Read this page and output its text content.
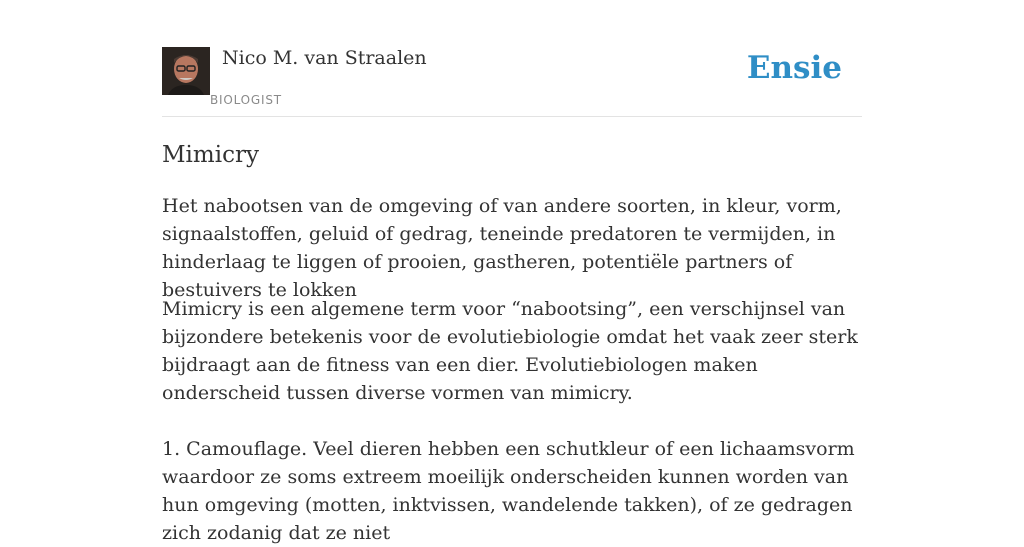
Nico M. van Straalen
BIOLOGIST
Ensie
Mimicry
Het nabootsen van de omgeving of van andere soorten, in kleur, vorm, signaalstoffen, geluid of gedrag, teneinde predatoren te vermijden, in hinderlaag te liggen of prooien, gastheren, potentiële partners of bestuivers te lokken

Mimicry is een algemene term voor “nabootsing”, een verschijnsel van bijzondere betekenis voor de evolutiebiologie omdat het vaak zeer sterk bijdraagt aan de fitness van een dier. Evolutiebiologen maken onderscheid tussen diverse vormen van mimicry.

1. Camouflage. Veel dieren hebben een schutkleur of een lichaamsvorm waardoor ze soms extreem moeilijk onderscheiden kunnen worden van hun omgeving (motten, inktvissen, wandelende takken), of ze gedragen zich zodanig dat ze niet
